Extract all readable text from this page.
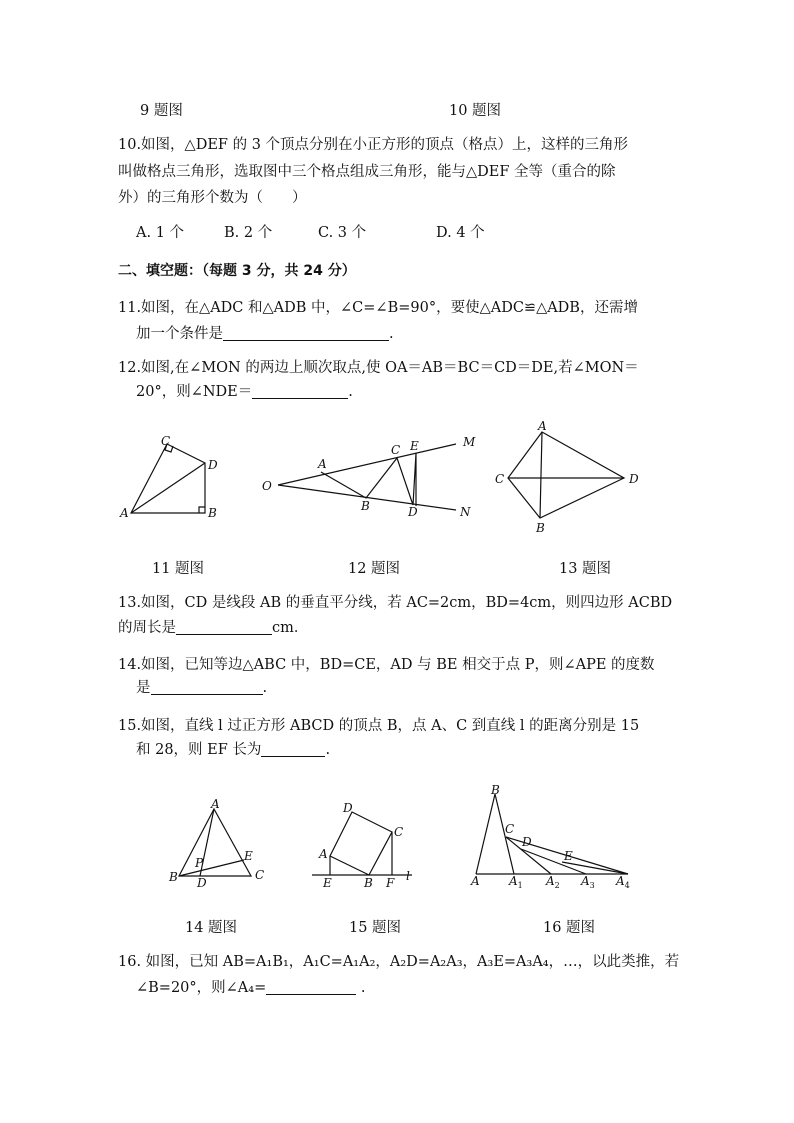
9 题图	10 题图
10.如图，△DEF 的 3 个顶点分别在小正方形的顶点（格点）上，这样的三角形
叫做格点三角形，选取图中三个格点组成三角形，能与△DEF 全等（重合的除
外）的三角形个数为（　　）
A. 1 个	B. 2 个	C. 3 个	D. 4 个
二、填空题：（每题 3 分，共 24 分）
11.如图，在△ADC 和△ADB 中，∠C=∠B=90°，要使△ADC≌△ADB，还需增
加一个条件是	.
12.如图,在∠MON 的两边上顺次取点,使 OA＝AB＝BC＝CD＝DE,若∠MON＝
20°，则∠NDE＝	.
C
D
A	B
O
A
B
C E
D
M
N
A
C	D
B
11 题图	12 题图	13 题图
13.如图，CD 是线段 AB 的垂直平分线，若 AC=2cm，BD=4cm，则四边形 ACBD
的周长是	cm．
14.如图，已知等边△ABC 中，BD=CE，AD 与 BE 相交于点 P，则∠APE 的度数
是	.
15.如图，直线 l 过正方形 ABCD 的顶点 B，点 A、C 到直线 l 的距离分别是 15
和 28，则 EF 长为	.
A
P	E
B D
C
D
C
A
E	B F l
B
C
D
E
A $A_1$ $A_2$ $A_3$ $A_4$
14 题图	15 题图	16 题图
16. 如图，已知 AB=A₁B₁，A₁C=A₁A₂，A₂D=A₂A₃，A₃E=A₃A₄，…，以此类推，若
∠B=20°，则∠A₄=	.
